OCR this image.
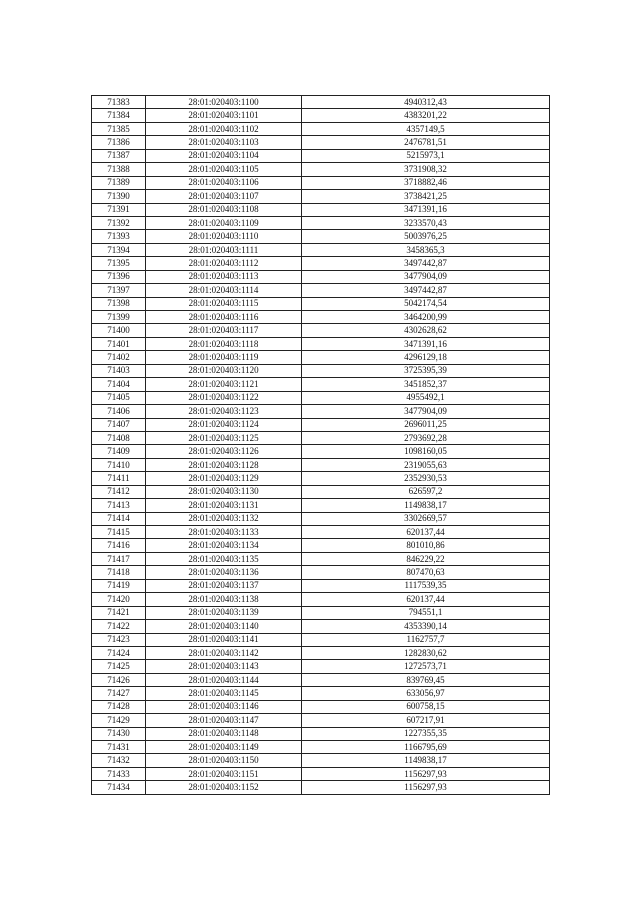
71383	28:01:020403:1100	4940312,43
71384	28:01:020403:1101	4383201,22
71385	28:01:020403:1102	4357149,5
71386	28:01:020403:1103	2476781,51
71387	28:01:020403:1104	5215973,1
71388	28:01:020403:1105	3731908,32
71389	28:01:020403:1106	3718882,46
71390	28:01:020403:1107	3738421,25
71391	28:01:020403:1108	3471391,16
71392	28:01:020403:1109	3233570,43
71393	28:01:020403:1110	5003976,25
71394	28:01:020403:1111	3458365,3
71395	28:01:020403:1112	3497442,87
71396	28:01:020403:1113	3477904,09
71397	28:01:020403:1114	3497442,87
71398	28:01:020403:1115	5042174,54
71399	28:01:020403:1116	3464200,99
71400	28:01:020403:1117	4302628,62
71401	28:01:020403:1118	3471391,16
71402	28:01:020403:1119	4296129,18
71403	28:01:020403:1120	3725395,39
71404	28:01:020403:1121	3451852,37
71405	28:01:020403:1122	4955492,1
71406	28:01:020403:1123	3477904,09
71407	28:01:020403:1124	2696011,25
71408	28:01:020403:1125	2793692,28
71409	28:01:020403:1126	1098160,05
71410	28:01:020403:1128	2319055,63
71411	28:01:020403:1129	2352930,53
71412	28:01:020403:1130	626597,2
71413	28:01:020403:1131	1149838,17
71414	28:01:020403:1132	3302669,57
71415	28:01:020403:1133	620137,44
71416	28:01:020403:1134	801010,86
71417	28:01:020403:1135	846229,22
71418	28:01:020403:1136	807470,63
71419	28:01:020403:1137	1117539,35
71420	28:01:020403:1138	620137,44
71421	28:01:020403:1139	794551,1
71422	28:01:020403:1140	4353390,14
71423	28:01:020403:1141	1162757,7
71424	28:01:020403:1142	1282830,62
71425	28:01:020403:1143	1272573,71
71426	28:01:020403:1144	839769,45
71427	28:01:020403:1145	633056,97
71428	28:01:020403:1146	600758,15
71429	28:01:020403:1147	607217,91
71430	28:01:020403:1148	1227355,35
71431	28:01:020403:1149	1166795,69
71432	28:01:020403:1150	1149838,17
71433	28:01:020403:1151	1156297,93
71434	28:01:020403:1152	1156297,93
